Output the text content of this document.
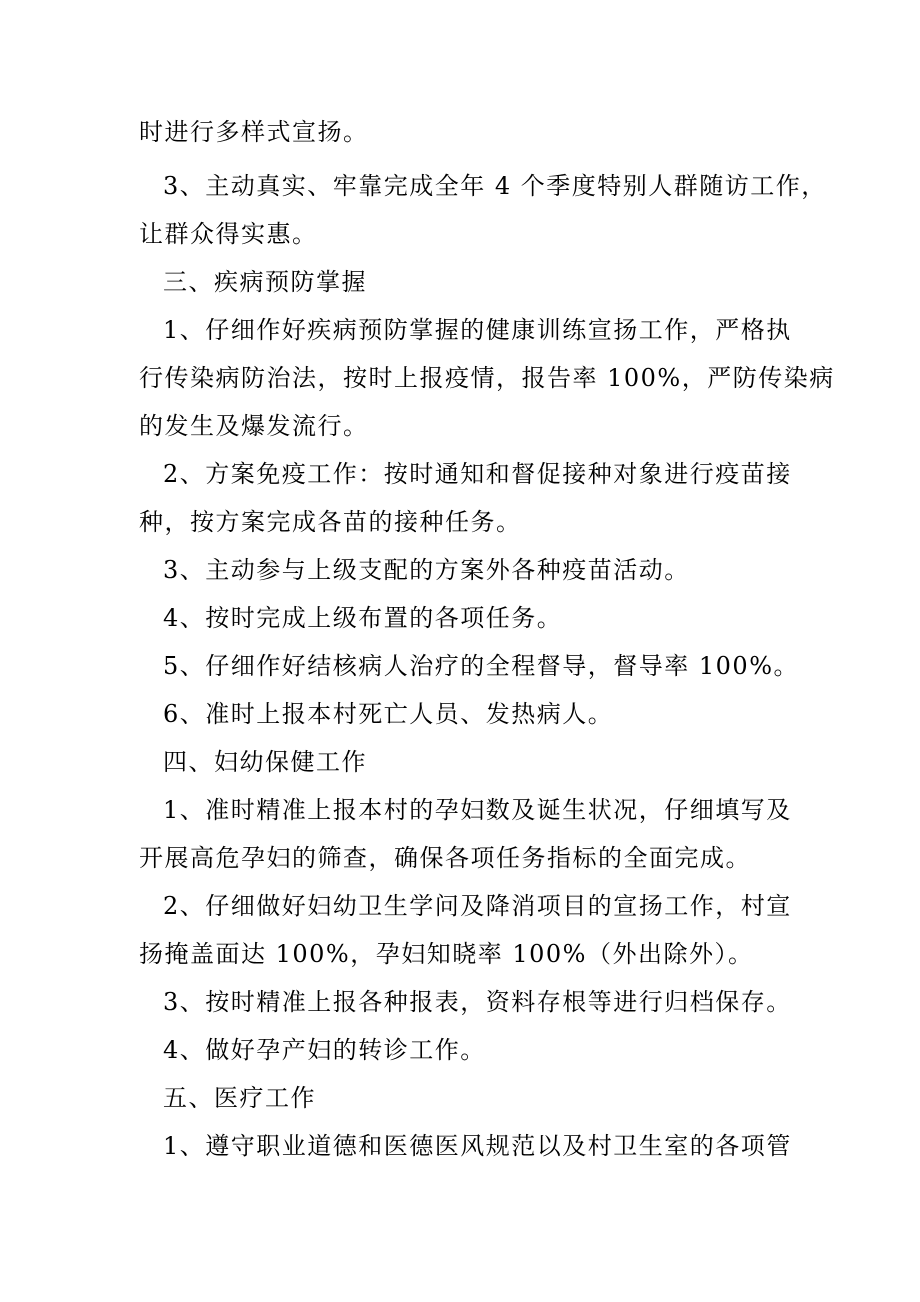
时进行多样式宣扬。
3、主动真实、牢靠完成全年 4 个季度特别人群随访工作，
让群众得实惠。
三、疾病预防掌握
1、仔细作好疾病预防掌握的健康训练宣扬工作，严格执
行传染病防治法，按时上报疫情，报告率 100%，严防传染病
的发生及爆发流行。
2、方案免疫工作：按时通知和督促接种对象进行疫苗接
种，按方案完成各苗的接种任务。
3、主动参与上级支配的方案外各种疫苗活动。
4、按时完成上级布置的各项任务。
5、仔细作好结核病人治疗的全程督导，督导率 100%。
6、准时上报本村死亡人员、发热病人。
四、妇幼保健工作
1、准时精准上报本村的孕妇数及诞生状况，仔细填写及
开展高危孕妇的筛查，确保各项任务指标的全面完成。
2、仔细做好妇幼卫生学问及降消项目的宣扬工作，村宣
扬掩盖面达 100%，孕妇知晓率 100%（外出除外）。
3、按时精准上报各种报表，资料存根等进行归档保存。
4、做好孕产妇的转诊工作。
五、医疗工作
1、遵守职业道德和医德医风规范以及村卫生室的各项管
